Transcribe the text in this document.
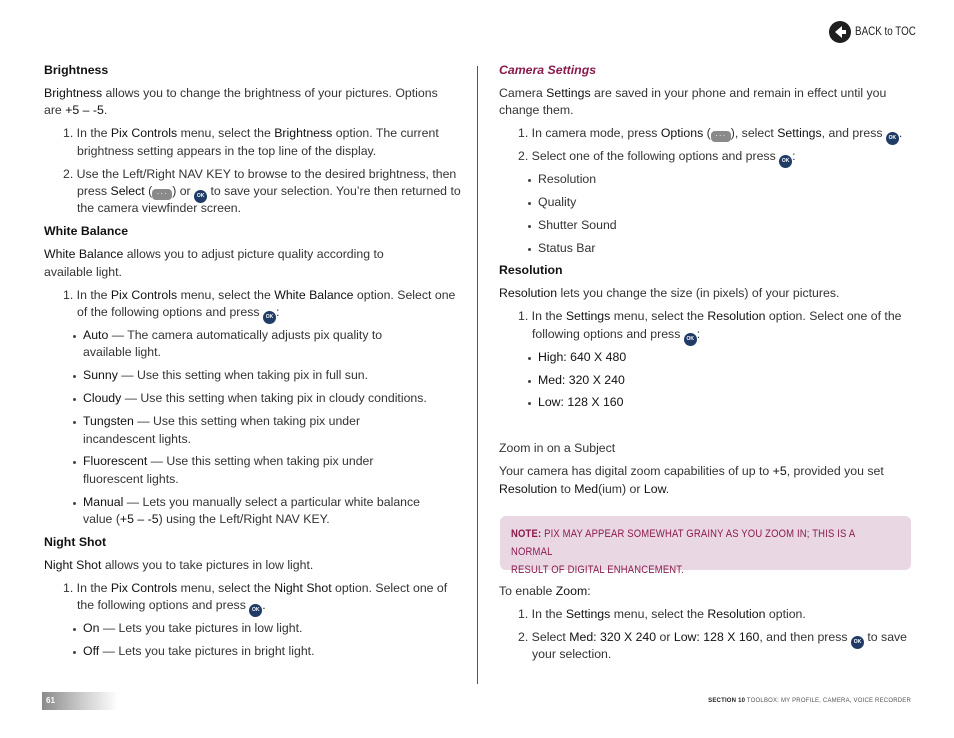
BACK to TOC
Brightness

Brightness allows you to change the brightness of your pictures. Options

are +5 – -5.

1. In the Pix Controls menu, select the Brightness option. The current

brightness setting appears in the top line of the display.

2. Use the Left/Right NAV KEY to browse to the desired brightness, then

press Select ( ··· ) or OK to save your selection. You’re then returned to

the camera viewfinder screen.

White Balance

White Balance allows you to adjust picture quality according to

available light.

1. In the Pix Controls menu, select the White Balance option. Select one

of the following options and press OK :

Auto — The camera automatically adjusts pix quality to

available light.

Sunny — Use this setting when taking pix in full sun.

Cloudy — Use this setting when taking pix in cloudy conditions.

Tungsten — Use this setting when taking pix under

incandescent lights.

Fluorescent — Use this setting when taking pix under

fluorescent lights.

Manual — Lets you manually select a particular white balance

value (+5 – -5) using the Left/Right NAV KEY.

Night Shot

Night Shot allows you to take pictures in low light.

1. In the Pix Controls menu, select the Night Shot option. Select one of

the following options and press OK .

On — Lets you take pictures in low light.

Off — Lets you take pictures in bright light.

Camera Settings

Camera Settings are saved in your phone and remain in effect until you

change them.

1. In camera mode, press Options ( ··· ), select Settings, and press OK .

2. Select one of the following options and press OK :

Resolution

Quality

Shutter Sound

Status Bar

Resolution

Resolution lets you change the size (in pixels) of your pictures.

1. In the Settings menu, select the Resolution option. Select one of the

following options and press OK :

High: 640 X 480

Med: 320 X 240

Low: 128 X 160

Zoom in on a Subject

Your camera has digital zoom capabilities of up to +5, provided you set

Resolution to Med(ium) or Low.

NOTE: PIX MAY APPEAR SOMEWHAT GRAINY AS YOU ZOOM IN; THIS IS A NORMAL
RESULT OF DIGITAL ENHANCEMENT.

To enable Zoom:

1. In the Settings menu, select the Resolution option.

2. Select Med: 320 X 240 or Low: 128 X 160, and then press OK to save

your selection.

61	SECTION 10 TOOLBOX: MY PROFILE, CAMERA, VOICE RECORDER
